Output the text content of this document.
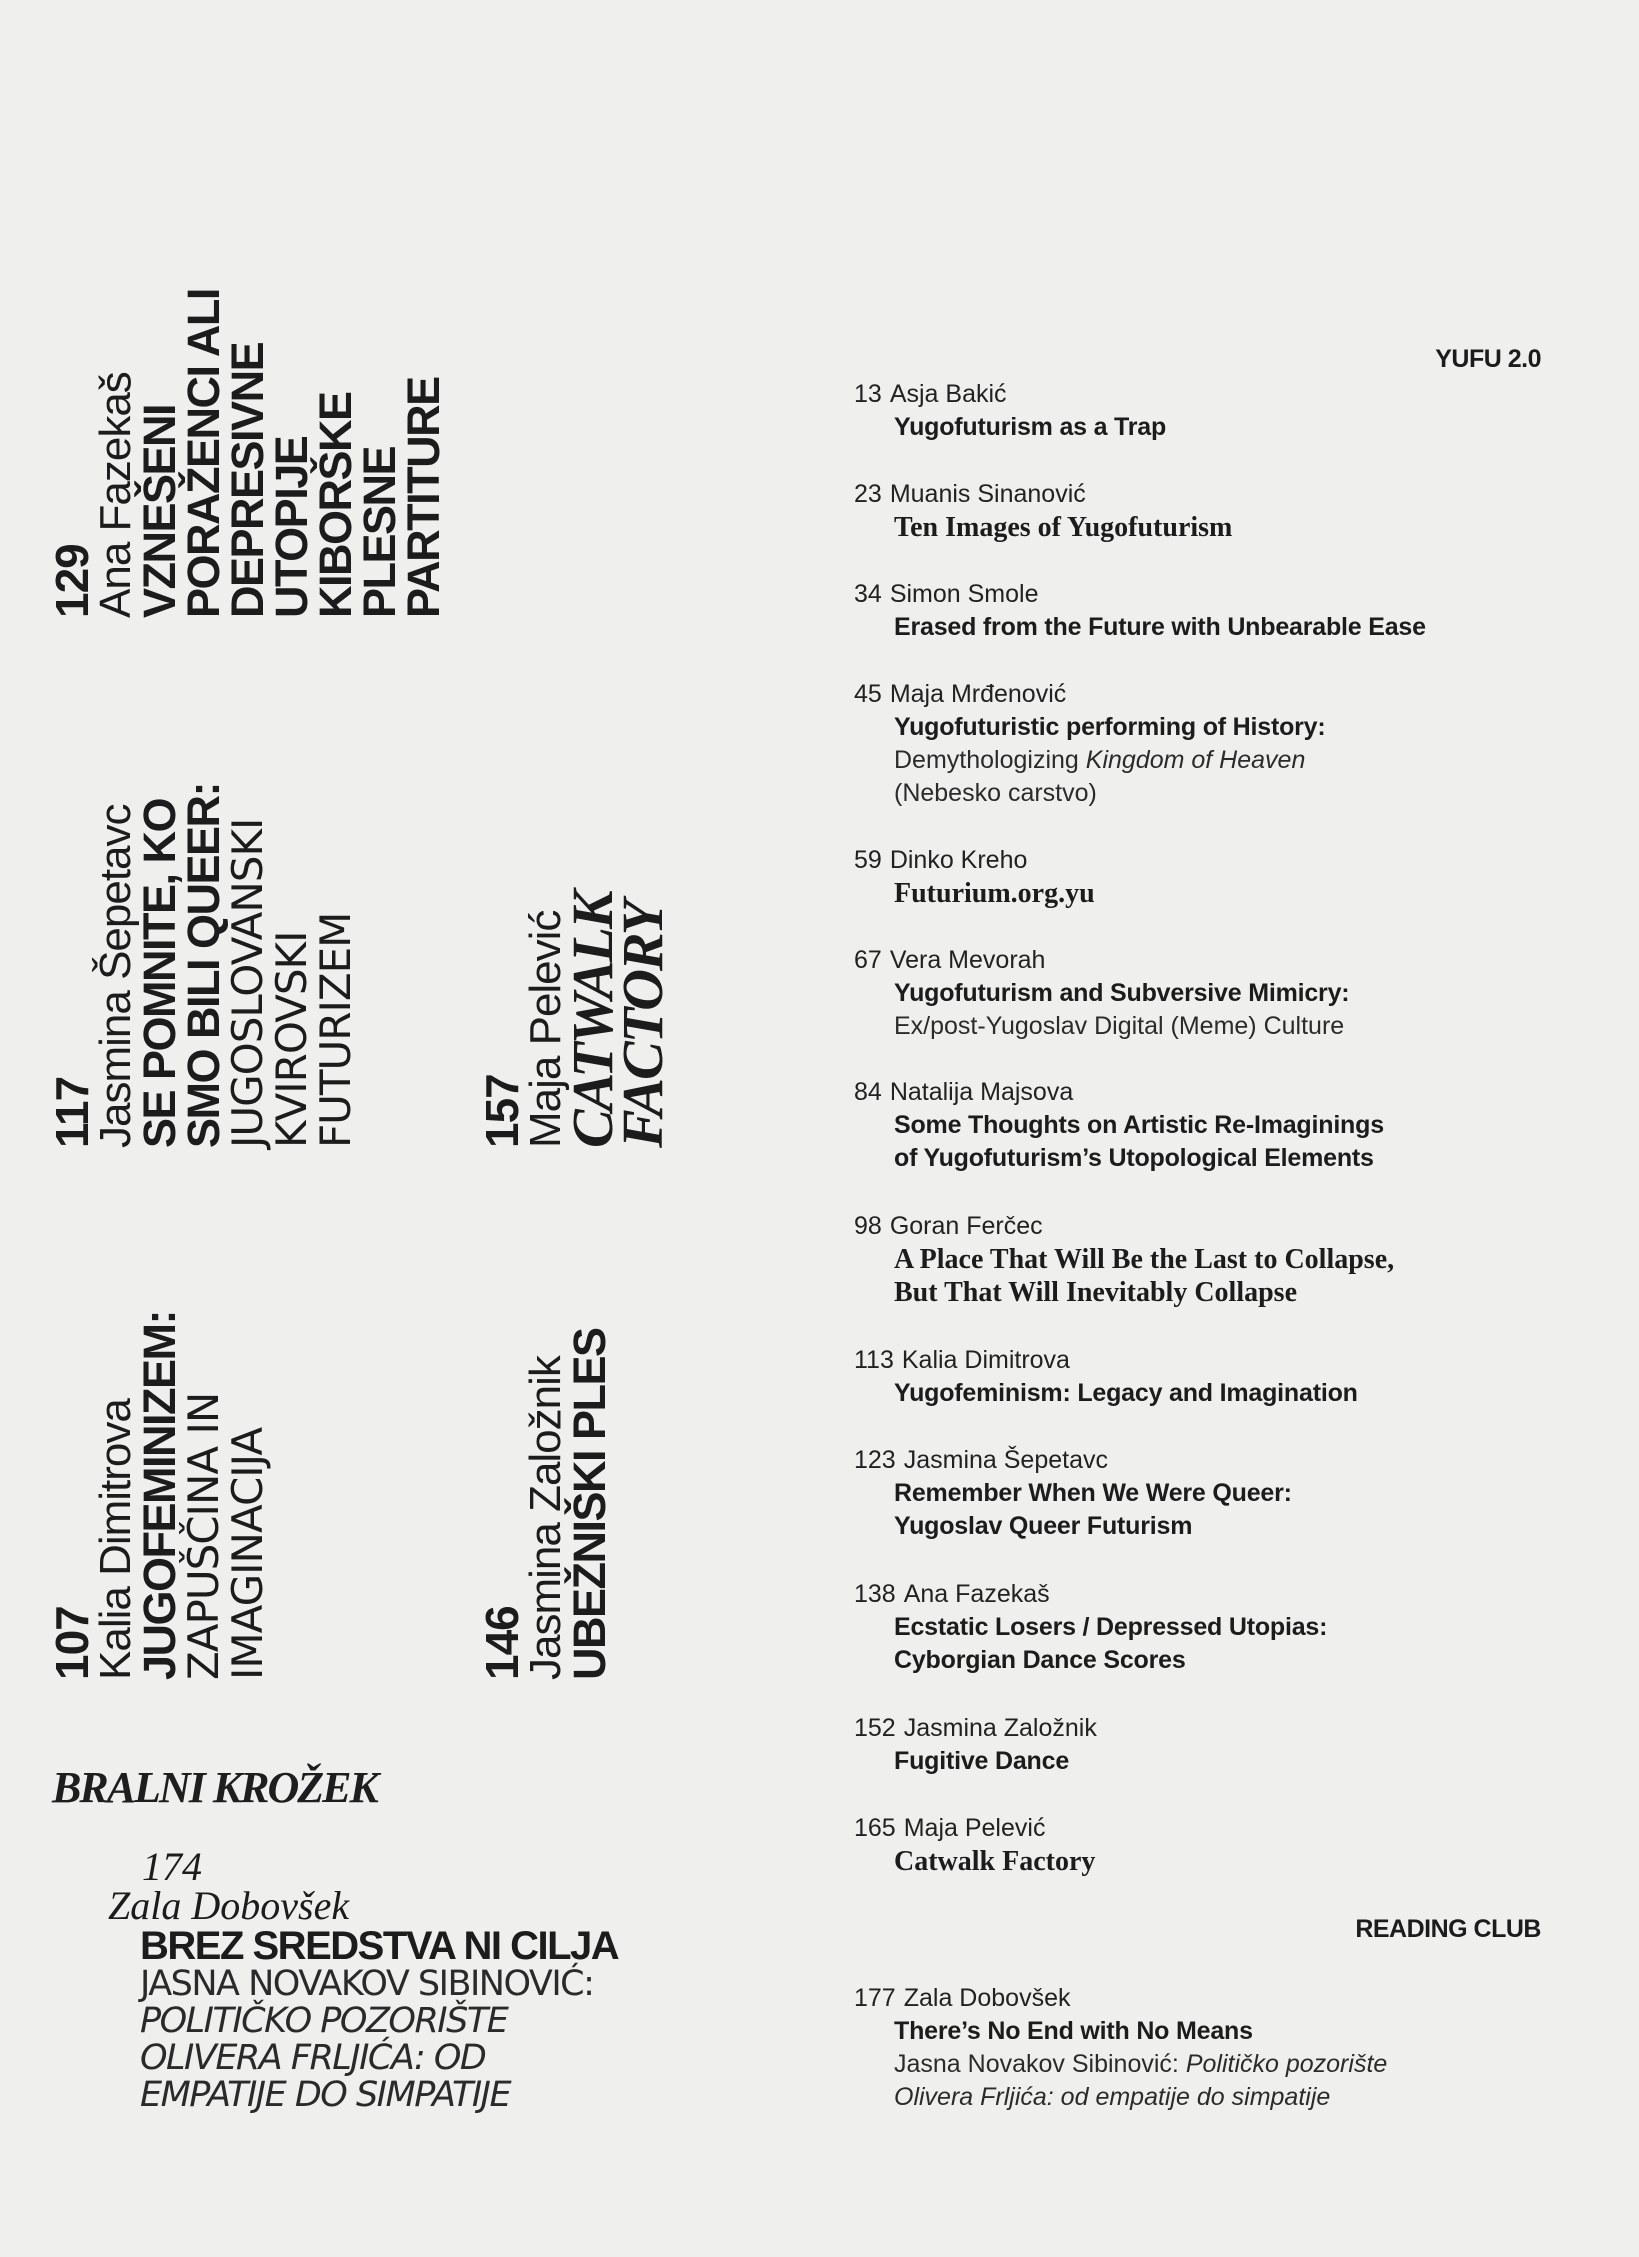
107
Kalia Dimitrova
JUGOFEMINIZEM:
ZAPUŠČINA IN
IMAGINACIJA
117
Jasmina Šepetavc
SE POMNITE, KO
SMO BILI QUEER:
JUGOSLOVANSKI
KVIROVSKI
FUTURIZEM
129
Ana Fazekaš
VZNEŠENI
PORAŽENCI ALI
DEPRESIVNE
UTOPIJE
KIBORŠKE
PLESNE
PARTITURE
146
Jasmina Založnik
UBEŽNIŠKI PLES
157
Maja Pelević
CATWALK
FACTORY
BRALNI KROŽEK
174
Zala Dobovšek
BREZ SREDSTVA NI CILJA
JASNA NOVAKOV SIBINOVIĆ:
POLITIČKO POZORIŠTE
OLIVERA FRLJIĆA: OD
EMPATIJE DO SIMPATIJE
YUFU 2.0
13 Asja Bakić
Yugofuturism as a Trap
23 Muanis Sinanović
Ten Images of Yugofuturism
34 Simon Smole
Erased from the Future with Unbearable Ease
45 Maja Mrđenović
Yugofuturistic performing of History:
Demythologizing Kingdom of Heaven
(Nebesko carstvo)
59 Dinko Kreho
Futurium.org.yu
67 Vera Mevorah
Yugofuturism and Subversive Mimicry:
Ex/post-Yugoslav Digital (Meme) Culture
84 Natalija Majsova
Some Thoughts on Artistic Re-Imaginings
of Yugofuturism’s Utopological Elements
98 Goran Ferčec
A Place That Will Be the Last to Collapse,
But That Will Inevitably Collapse
113 Kalia Dimitrova
Yugofeminism: Legacy and Imagination
123 Jasmina Šepetavc
Remember When We Were Queer:
Yugoslav Queer Futurism
138 Ana Fazekaš
Ecstatic Losers / Depressed Utopias:
Cyborgian Dance Scores
152 Jasmina Založnik
Fugitive Dance
165 Maja Pelević
Catwalk Factory
177 Zala Dobovšek
There’s No End with No Means
Jasna Novakov Sibinović: Političko pozorište
Olivera Frljića: od empatije do simpatije
READING CLUB
